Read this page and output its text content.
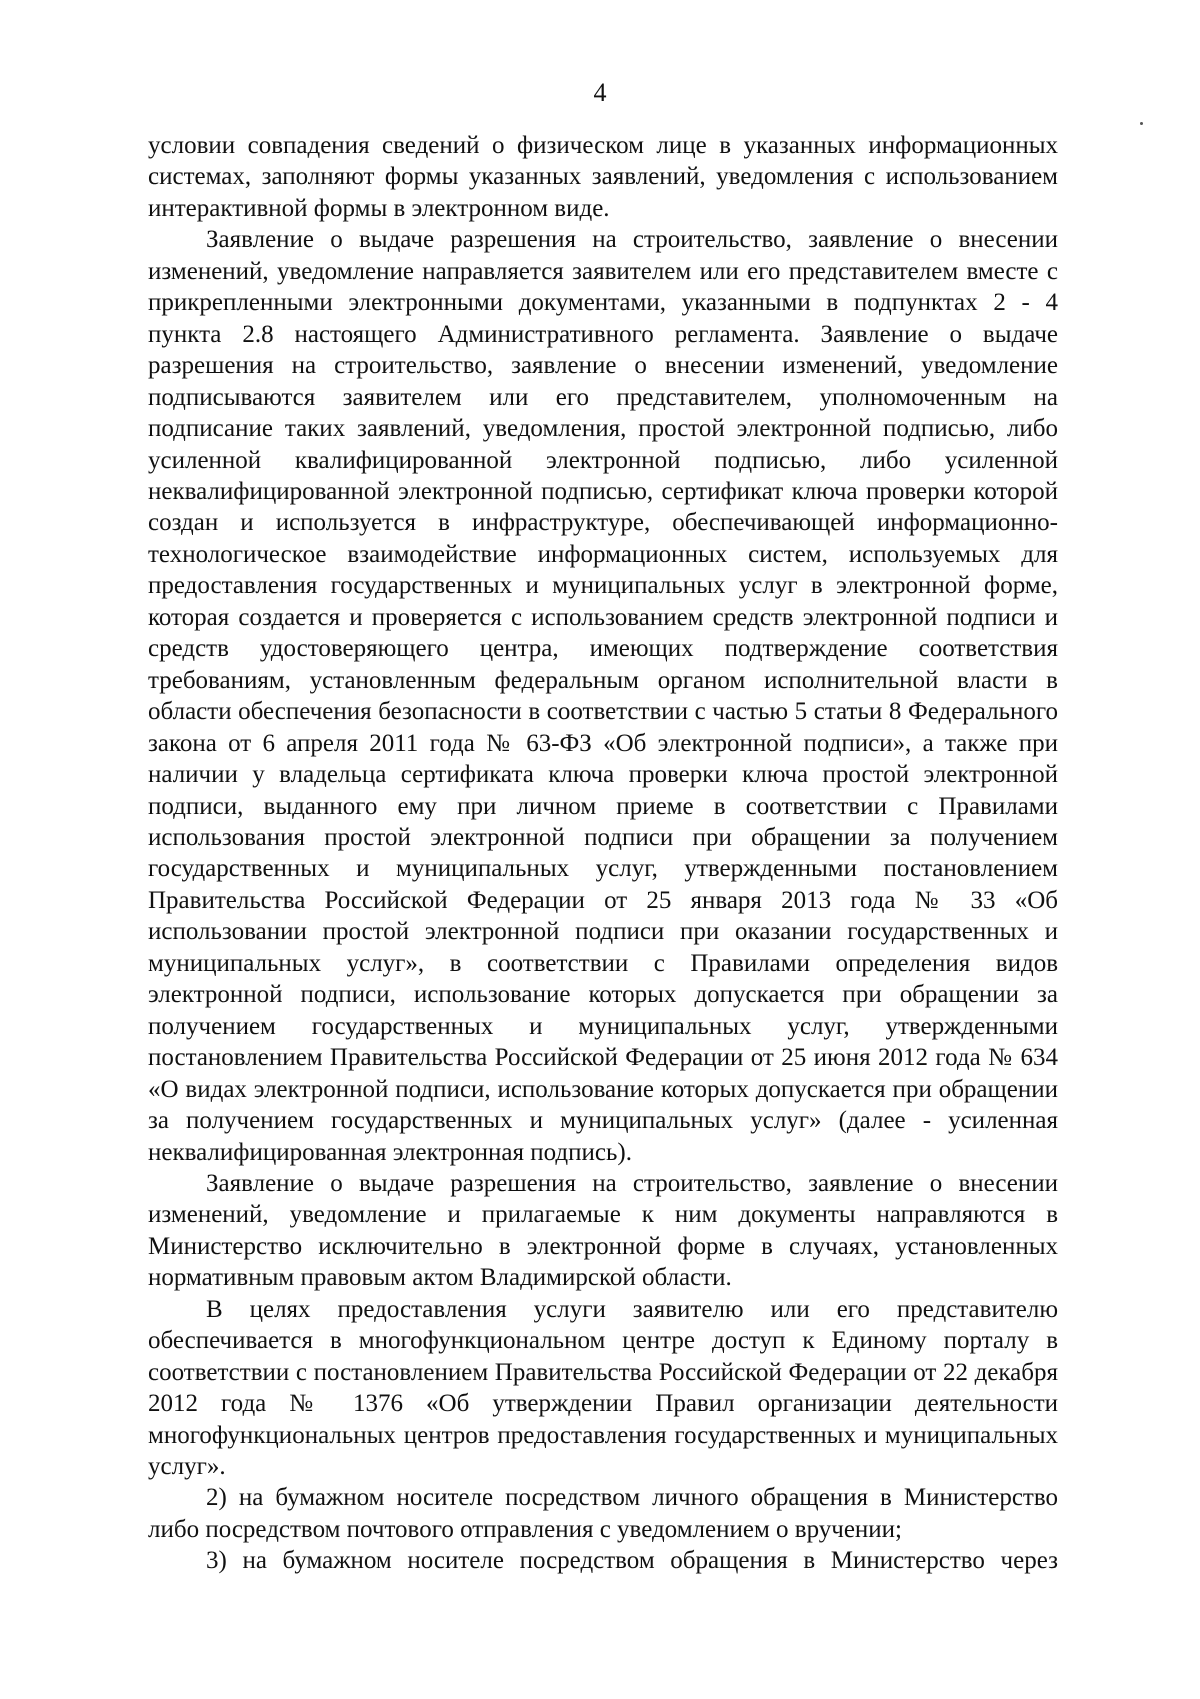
4

условии совпадения сведений о физическом лице в указанных информационных системах, заполняют формы указанных заявлений, уведомления с использованием интерактивной формы в электронном виде.

Заявление о выдаче разрешения на строительство, заявление о внесении изменений, уведомление направляется заявителем или его представителем вместе с прикрепленными электронными документами, указанными в подпунктах 2 - 4 пункта 2.8 настоящего Административного регламента. Заявление о выдаче разрешения на строительство, заявление о внесении изменений, уведомление подписываются заявителем или его представителем, уполномоченным на подписание таких заявлений, уведомления, простой электронной подписью, либо усиленной квалифицированной электронной подписью, либо усиленной неквалифицированной электронной подписью, сертификат ключа проверки которой создан и используется в инфраструктуре, обеспечивающей информационно-технологическое взаимодействие информационных систем, используемых для предоставления государственных и муниципальных услуг в электронной форме, которая создается и проверяется с использованием средств электронной подписи и средств удостоверяющего центра, имеющих подтверждение соответствия требованиям, установленным федеральным органом исполнительной власти в области обеспечения безопасности в соответствии с частью 5 статьи 8 Федерального закона от 6 апреля 2011 года № 63-ФЗ «Об электронной подписи», а также при наличии у владельца сертификата ключа проверки ключа простой электронной подписи, выданного ему при личном приеме в соответствии с Правилами использования простой электронной подписи при обращении за получением государственных и муниципальных услуг, утвержденными постановлением Правительства Российской Федерации от 25 января 2013 года № 33 «Об использовании простой электронной подписи при оказании государственных и муниципальных услуг», в соответствии с Правилами определения видов электронной подписи, использование которых допускается при обращении за получением государственных и муниципальных услуг, утвержденными постановлением Правительства Российской Федерации от 25 июня 2012 года № 634 «О видах электронной подписи, использование которых допускается при обращении за получением государственных и муниципальных услуг» (далее - усиленная неквалифицированная электронная подпись).

Заявление о выдаче разрешения на строительство, заявление о внесении изменений, уведомление и прилагаемые к ним документы направляются в Министерство исключительно в электронной форме в случаях, установленных нормативным правовым актом Владимирской области.

В целях предоставления услуги заявителю или его представителю обеспечивается в многофункциональном центре доступ к Единому порталу в соответствии с постановлением Правительства Российской Федерации от 22 декабря 2012 года № 1376 «Об утверждении Правил организации деятельности многофункциональных центров предоставления государственных и муниципальных услуг».

2) на бумажном носителе посредством личного обращения в Министерство либо посредством почтового отправления с уведомлением о вручении;

3) на бумажном носителе посредством обращения в Министерство через
